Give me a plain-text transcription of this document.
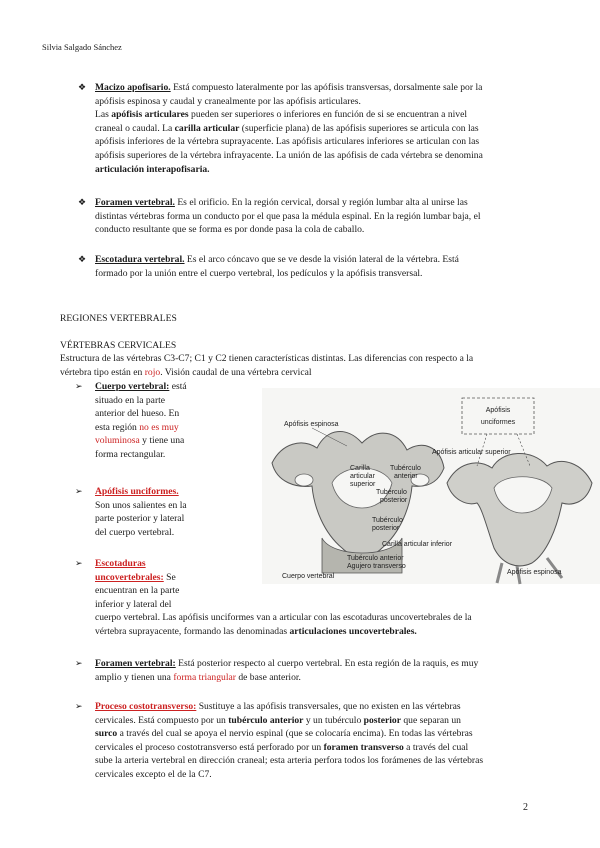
Silvia Salgado Sánchez
❖ Macizo apofisario. Está compuesto lateralmente por las apófisis transversas, dorsalmente sale por la
apófisis espinosa y caudal y cranealmente por las apófisis articulares.
Las apófisis articulares pueden ser superiores o inferiores en función de si se encuentran a nivel
craneal o caudal. La carilla articular (superficie plana) de las apófisis superiores se articula con las
apófisis inferiores de la vértebra suprayacente. Las apófisis articulares inferiores se articulan con las
apófisis superiores de la vértebra infrayacente. La unión de las apófisis de cada vértebra se denomina
articulación interapofisaria.
❖ Foramen vertebral. Es el orificio. En la región cervical, dorsal y región lumbar alta al unirse las
distintas vértebras forma un conducto por el que pasa la médula espinal. En la región lumbar baja, el
conducto resultante que se forma es por donde pasa la cola de caballo.
❖ Escotadura vertebral. Es el arco cóncavo que se ve desde la visión lateral de la vértebra. Está
formado por la unión entre el cuerpo vertebral, los pedículos y la apófisis transversal.
REGIONES VERTEBRALES
VÉRTEBRAS CERVICALES
Estructura de las vértebras C3-C7; C1 y C2 tienen características distintas. Las diferencias con respecto a la
vértebra tipo están en rojo. Visión caudal de una vértebra cervical
➢ Cuerpo vertebral: está
situado en la parte
anterior del hueso. En
esta región no es muy
voluminosa y tiene una
forma rectangular.
➢ Apófisis unciformes.
Son unos salientes en la
parte posterior y lateral
del cuerpo vertebral.
➢ Escotaduras
uncovertebrales: Se
encuentran en la parte
inferior y lateral del
cuerpo vertebral. Las apófisis unciformes van a articular con las escotaduras uncovertebrales de la
vértebra suprayacente, formando las denominadas articulaciones uncovertebrales.
➢ Foramen vertebral: Está posterior respecto al cuerpo vertebral. En esta región de la raquis, es muy
amplio y tienen una forma triangular de base anterior.
➢ Proceso costotransverso: Sustituye a las apófisis transversales, que no existen en las vértebras
cervicales. Está compuesto por un tubérculo anterior y un tubérculo posterior que separan un
surco a través del cual se apoya el nervio espinal (que se colocaría encima). En todas las vértebras
cervicales el proceso costotransverso está perforado por un foramen transverso a través del cual
sube la arteria vertebral en dirección craneal; esta arteria perfora todos los forámenes de las vértebras
cervicales excepto el de la C7.
Apófisis
unciformes
Apófisis espinosa
Carilla
articular
superior
Tubérculo
anterior
Tubérculo
posterior
Tubérculo
posterior
Carilla articular inferior
Tubérculo anterior
Agujero transverso
Cuerpo vertebral
Apófisis articular superior
Apófisis espinosa
2
